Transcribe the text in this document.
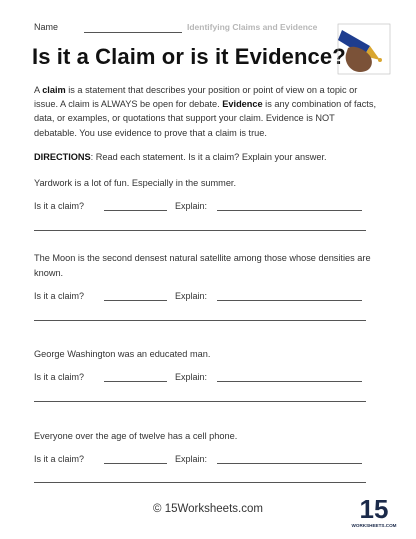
Name	Identifying Claims and Evidence
Is it a Claim or is it Evidence?
A claim is a statement that describes your position or point of view on a topic or issue. A claim is ALWAYS be open for debate. Evidence is any combination of facts, data, or examples, or quotations that support your claim. Evidence is NOT debatable. You use evidence to prove that a claim is true.
DIRECTIONS: Read each statement. Is it a claim? Explain your answer.
Yardwork is a lot of fun. Especially in the summer.
Is it a claim?	Explain:
The Moon is the second densest natural satellite among those whose densities are known.
Is it a claim?	Explain:
George Washington was an educated man.
Is it a claim?	Explain:
Everyone over the age of twelve has a cell phone.
Is it a claim?	Explain:
© 15Worksheets.com	15
WORKSHEETS.COM
